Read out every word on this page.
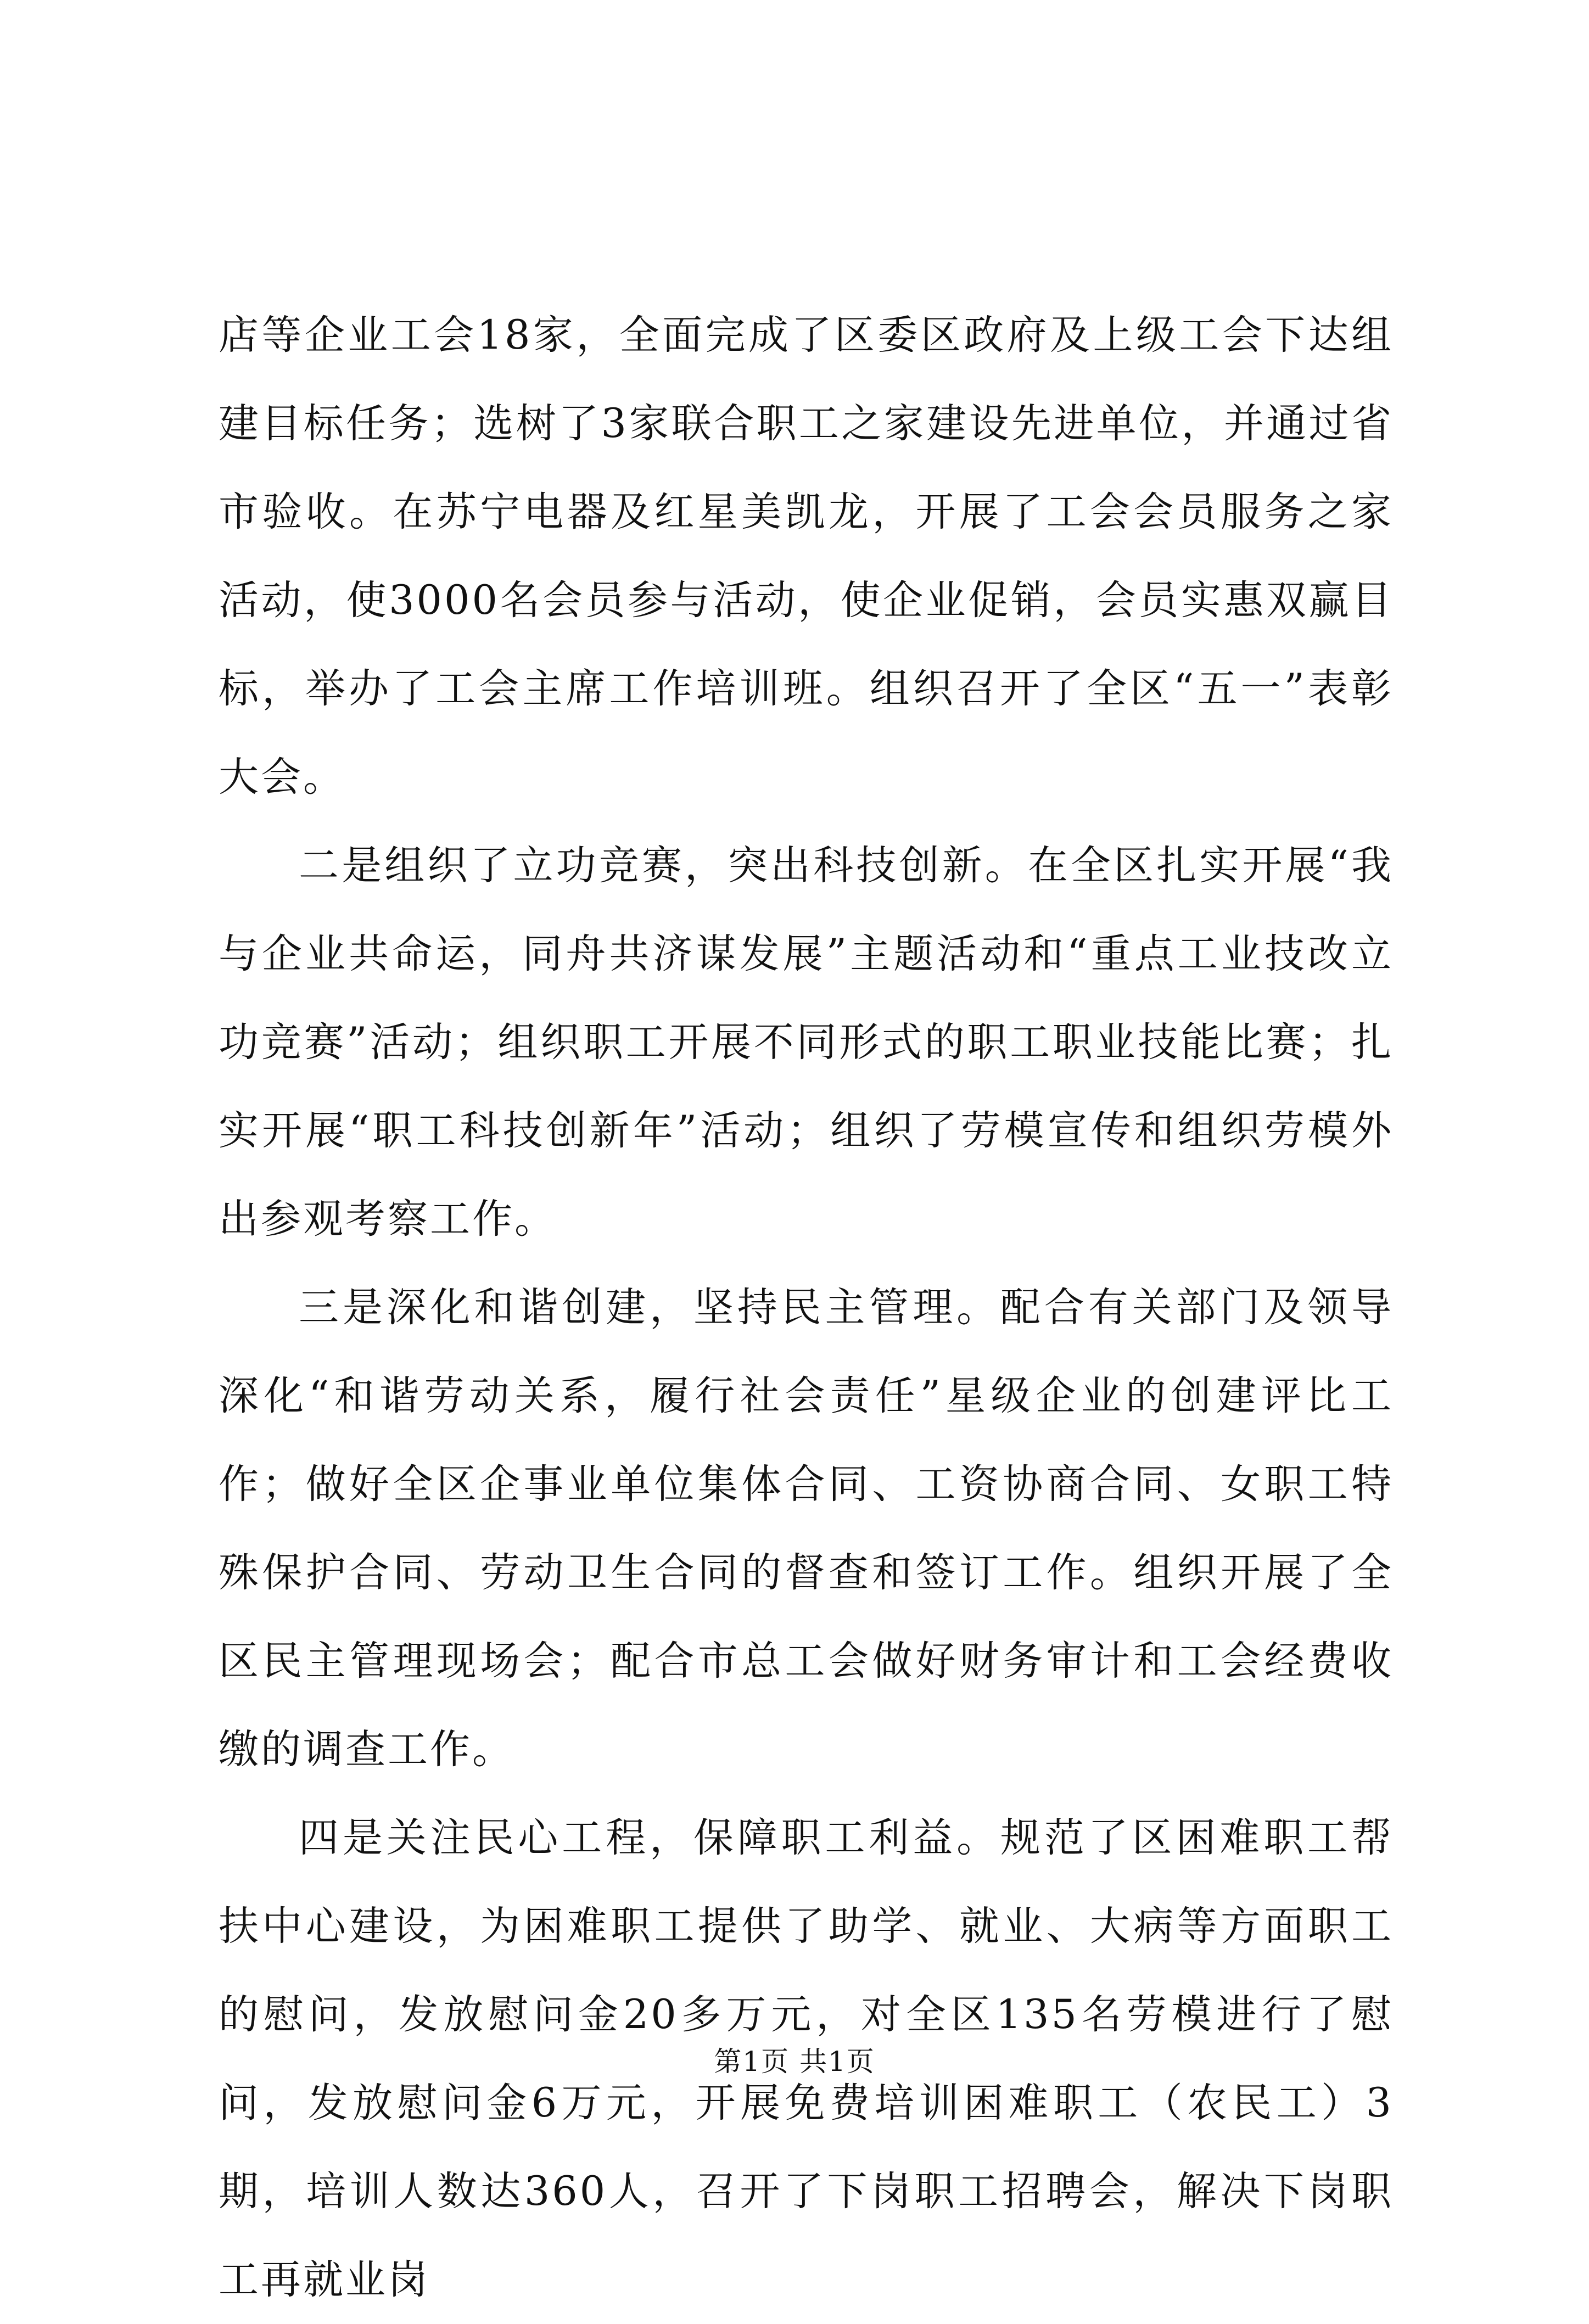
店等企业工会18家，全面完成了区委区政府及上级工会下达组建目标任务；选树了3家联合职工之家建设先进单位，并通过省市验收。在苏宁电器及红星美凯龙，开展了工会会员服务之家活动，使3000名会员参与活动，使企业促销，会员实惠双赢目标，举办了工会主席工作培训班。组织召开了全区“五一”表彰大会。

二是组织了立功竞赛，突出科技创新。在全区扎实开展“我与企业共命运，同舟共济谋发展”主题活动和“重点工业技改立功竞赛”活动；组织职工开展不同形式的职工职业技能比赛；扎实开展“职工科技创新年”活动；组织了劳模宣传和组织劳模外出参观考察工作。

三是深化和谐创建，坚持民主管理。配合有关部门及领导深化“和谐劳动关系，履行社会责任”星级企业的创建评比工作；做好全区企事业单位集体合同、工资协商合同、女职工特殊保护合同、劳动卫生合同的督查和签订工作。组织开展了全区民主管理现场会；配合市总工会做好财务审计和工会经费收缴的调查工作。

四是关注民心工程，保障职工利益。规范了区困难职工帮扶中心建设，为困难职工提供了助学、就业、大病等方面职工的慰问，发放慰问金20多万元，对全区135名劳模进行了慰问，发放慰问金6万元，开展免费培训困难职工（农民工）3期，培训人数达360人，召开了下岗职工招聘会，解决下岗职工再就业岗

第1页 共1页
